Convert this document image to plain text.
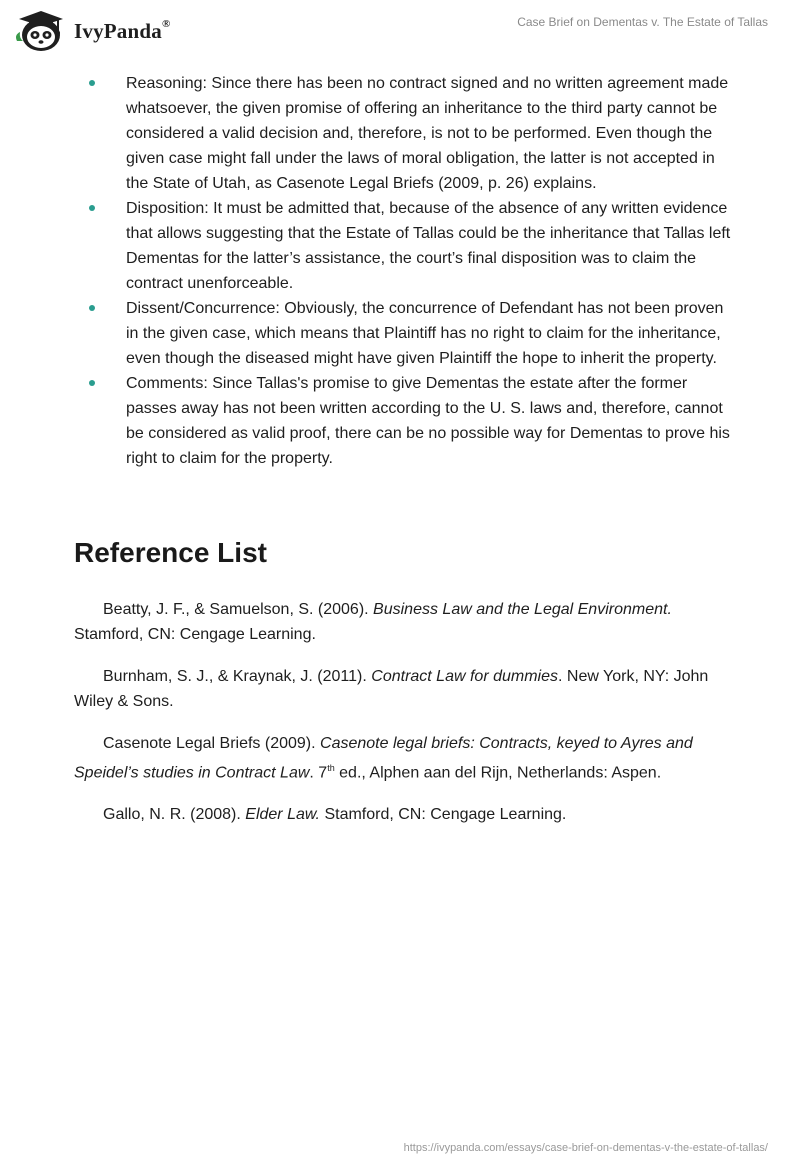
IvyPanda®	Case Brief on Dementas v. The Estate of Tallas
Reasoning: Since there has been no contract signed and no written agreement made whatsoever, the given promise of offering an inheritance to the third party cannot be considered a valid decision and, therefore, is not to be performed. Even though the given case might fall under the laws of moral obligation, the latter is not accepted in the State of Utah, as Casenote Legal Briefs (2009, p. 26) explains.
Disposition: It must be admitted that, because of the absence of any written evidence that allows suggesting that the Estate of Tallas could be the inheritance that Tallas left Dementas for the latter’s assistance, the court’s final disposition was to claim the contract unenforceable.
Dissent/Concurrence: Obviously, the concurrence of Defendant has not been proven in the given case, which means that Plaintiff has no right to claim for the inheritance, even though the diseased might have given Plaintiff the hope to inherit the property.
Comments: Since Tallas's promise to give Dementas the estate after the former passes away has not been written according to the U. S. laws and, therefore, cannot be considered as valid proof, there can be no possible way for Dementas to prove his right to claim for the property.
Reference List

Beatty, J. F., & Samuelson, S. (2006). Business Law and the Legal Environment. Stamford, CN: Cengage Learning.

Burnham, S. J., & Kraynak, J. (2011). Contract Law for dummies. New York, NY: John Wiley & Sons.

Casenote Legal Briefs (2009). Casenote legal briefs: Contracts, keyed to Ayres and Speidel’s studies in Contract Law. 7th ed., Alphen aan del Rijn, Netherlands: Aspen.

Gallo, N. R. (2008). Elder Law. Stamford, CN: Cengage Learning.

https://ivypanda.com/essays/case-brief-on-dementas-v-the-estate-of-tallas/
